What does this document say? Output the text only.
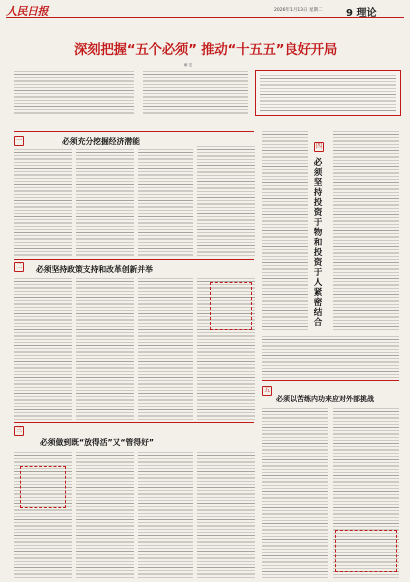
人民日报	2026年1月13日 星期二 9 理论
深刻把握“五个必须” 推动“十五五”良好开局
解 龙
一	必须充分挖掘经济潜能
二 必须坚持政策支持和改革创新并举
三
必须做到既“放得活”又“管得好”
四
必须坚持投资于物和投资于人紧密结合
五
必须以苦练内功来应对外部挑战
